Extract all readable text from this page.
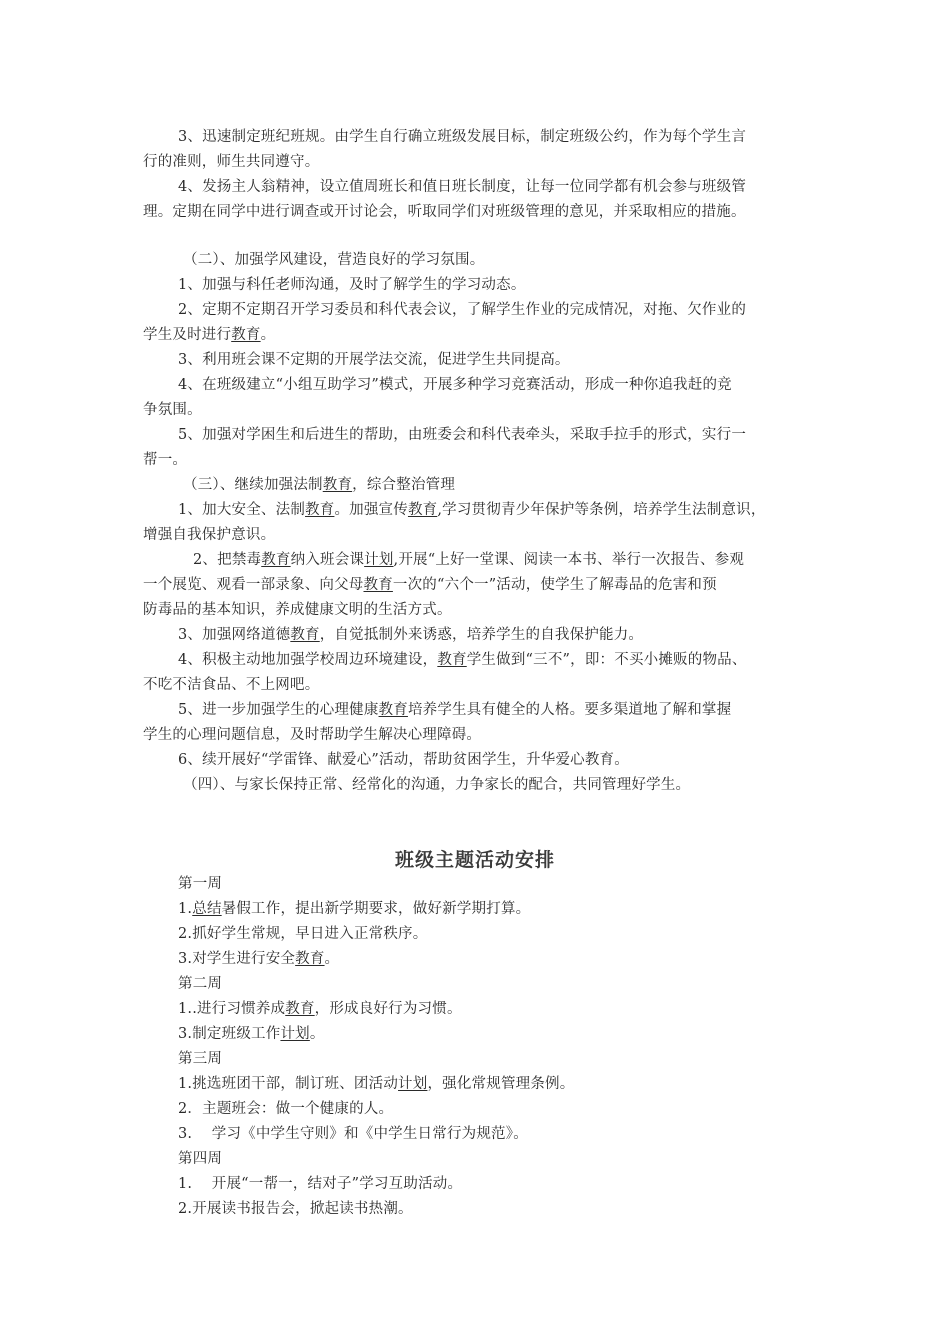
3、迅速制定班纪班规。由学生自行确立班级发展目标，制定班级公约，作为每个学生言
行的准则，师生共同遵守。
4、发扬主人翁精神，设立值周班长和值日班长制度，让每一位同学都有机会参与班级管
理。定期在同学中进行调查或开讨论会，听取同学们对班级管理的意见，并采取相应的措施。
（二）、加强学风建设，营造良好的学习氛围。
1、加强与科任老师沟通，及时了解学生的学习动态。
2、定期不定期召开学习委员和科代表会议，了解学生作业的完成情况，对拖、欠作业的
学生及时进行教育。
3、利用班会课不定期的开展学法交流，促进学生共同提高。
4、在班级建立“小组互助学习”模式，开展多种学习竞赛活动，形成一种你追我赶的竞
争氛围。
5、加强对学困生和后进生的帮助，由班委会和科代表牵头，采取手拉手的形式，实行一
帮一。
（三）、继续加强法制教育，综合整治管理
1、加大安全、法制教育。加强宣传教育,学习贯彻青少年保护等条例，培养学生法制意识，
增强自我保护意识。
2、把禁毒教育纳入班会课计划,开展“上好一堂课、阅读一本书、举行一次报告、参观
一个展览、观看一部录象、向父母教育一次的“六个一”活动，使学生了解毒品的危害和预
防毒品的基本知识，养成健康文明的生活方式。
3、加强网络道德教育，自觉抵制外来诱惑，培养学生的自我保护能力。
4、积极主动地加强学校周边环境建设，教育学生做到“三不”，即：不买小摊贩的物品、
不吃不洁食品、不上网吧。
5、进一步加强学生的心理健康教育培养学生具有健全的人格。要多渠道地了解和掌握
学生的心理问题信息，及时帮助学生解决心理障碍。
6、续开展好“学雷锋、献爱心”活动，帮助贫困学生，升华爱心教育。
（四）、与家长保持正常、经常化的沟通，力争家长的配合，共同管理好学生。
班级主题活动安排
第一周
1.总结暑假工作，提出新学期要求，做好新学期打算。
2.抓好学生常规，早日进入正常秩序。
3.对学生进行安全教育。
第二周
1..进行习惯养成教育，形成良好行为习惯。
3.制定班级工作计划。
第三周
1.挑选班团干部，制订班、团活动计划，强化常规管理条例。
2．主题班会：做一个健康的人。
3.　 学习《中学生守则》和《中学生日常行为规范》。
第四周
1.　 开展“一帮一，结对子”学习互助活动。
2.开展读书报告会，掀起读书热潮。
